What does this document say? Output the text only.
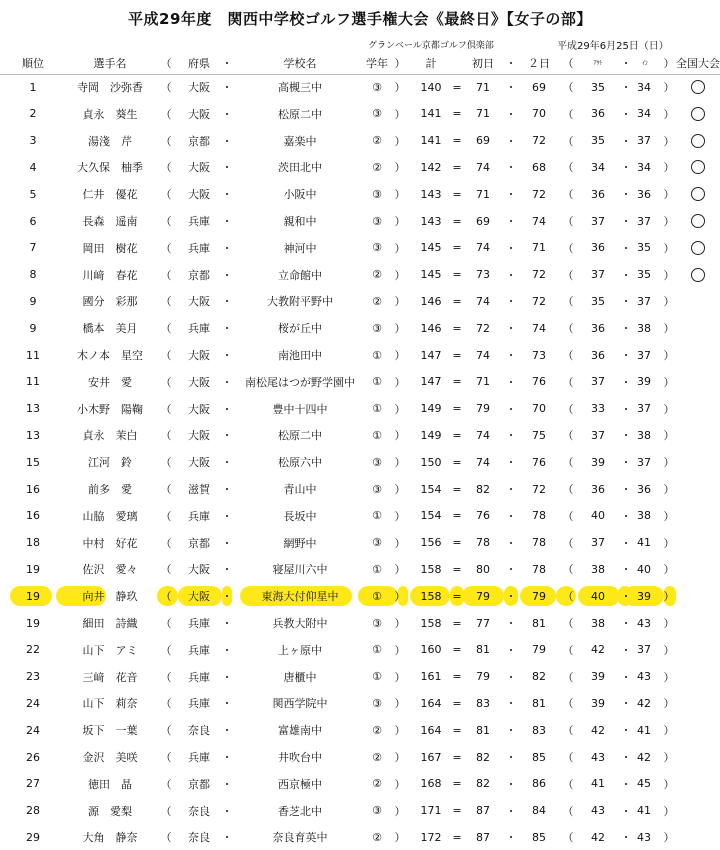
平成29年度　関西中学校ゴルフ選手権大会《最終日》【女子の部】
グランベール京都ゴルフ倶楽部	平成29年6月25日（日）
順位	選手名	（	府県	・	学校名	学年 ）	計	初日	・ ２日 （	ｱｳﾄ	・	ｲﾝ	） 全国大会
1	寺岡　沙弥香	（	大阪	・	高槻三中	③	）	140 =	71	・	69	（	35	・ 34	）
2	貞永　葵生	（	大阪	・	松原二中	③	）	141 =	71	・	70	（	36	・ 34	）
3	湯淺　芹	（	京都	・	嘉楽中	②	）	141 =	69	・	72	（	35	・ 37	）
4	大久保　柚季	（	大阪	・	茨田北中	②	）	142 =	74	・	68	（	34	・ 34	）
5	仁井　優花	（	大阪	・	小阪中	③	）	143 =	71	・	72	（	36	・ 36	）
6	長森　遥南	（	兵庫	・	親和中	③	）	143 =	69	・	74	（	37	・ 37	）
7	岡田　樹花	（	兵庫	・	神河中	③	）	145 =	74	・	71	（	36	・ 35	）
8	川﨑　春花	（	京都	・	立命館中	②	）	145 =	73	・	72	（	37	・ 35	）
9	國分　彩那	（	大阪	・	大教附平野中	②	）	146 =	74	・	72	（	35	・ 37	）
9	橋本　美月	（	兵庫	・	桜が丘中	③	）	146 =	72	・	74	（	36	・ 38	）
11	木ノ本　星空	（	大阪	・	南池田中	①	）	147 =	74	・	73	（	36	・ 37	）
11	安井　愛	（	大阪	・	南松尾はつが野学園中	①	）	147 =	71	・	76	（	37	・ 39	）
13	小木野　陽鞠	（	大阪	・	豊中十四中	①	）	149 =	79	・	70	（	33	・ 37	）
13	貞永　茉白	（	大阪	・	松原二中	①	）	149 =	74	・	75	（	37	・ 38	）
15	江河　鈴	（	大阪	・	松原六中	③	）	150 =	74	・	76	（	39	・ 37	）
16	前多　愛	（	滋賀	・	青山中	③	）	154 =	82	・	72	（	36	・ 36	）
16	山脇　愛璃	（	兵庫	・	長坂中	①	）	154 =	76	・	78	（	40	・ 38	）
18	中村　好花	（	京都	・	網野中	③	）	156 =	78	・	78	（	37	・ 41	）
19	佐沢　愛々	（	大阪	・	寝屋川六中	①	）	158 =	80	・	78	（	38	・ 40	）
19	向井　静玖	（	大阪	・	東海大付仰星中	①	）	158 =	79	・	79	（	40	・ 39	）
19	細田　詩織	（	兵庫	・	兵教大附中	③	）	158 =	77	・	81	（	38	・ 43	）
22	山下　アミ	（	兵庫	・	上ヶ原中	①	）	160 =	81	・	79	（	42	・ 37	）
23	三﨑　花音	（	兵庫	・	唐櫃中	①	）	161 =	79	・	82	（	39	・ 43	）
24	山下　莉奈	（	兵庫	・	関西学院中	③	）	164 =	83	・	81	（	39	・ 42	）
24	坂下　一葉	（	奈良	・	富雄南中	②	）	164 =	81	・	83	（	42	・ 41	）
26	金沢　美咲	（	兵庫	・	井吹台中	②	）	167 =	82	・	85	（	43	・ 42	）
27	徳田　晶	（	京都	・	西京極中	②	）	168 =	82	・	86	（	41	・ 45	）
28	源　愛梨	（	奈良	・	香芝北中	③	）	171 =	87	・	84	（	43	・ 41	）
29	大角　静奈	（	奈良	・	奈良育英中	②	）	172 =	87	・	85	（	42	・ 43	）
